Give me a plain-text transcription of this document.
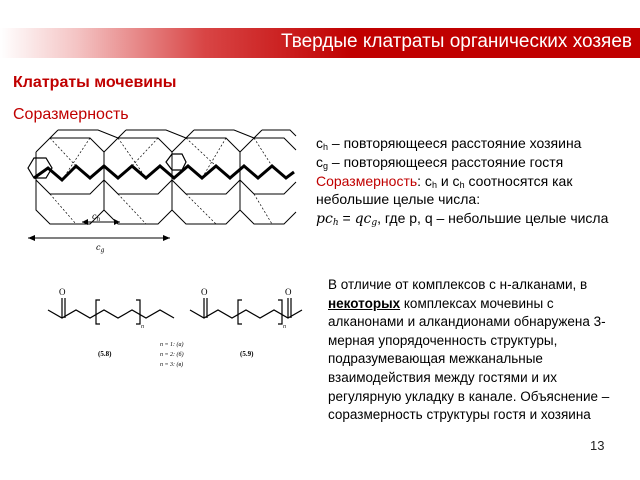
Твердые клатраты органических хозяев
Клатраты мочевины
Соразмерность
$c_h$
$c_g$
$c_h$ – повторяющееся расстояние хозяина
$c_g$ – повторяющееся расстояние гостя
Соразмерность: $c_h$ и $c_h$ соотносятся как небольшие целые числа:
$pc_h = qc_g$, где p, q – небольшие целые числа
O	O	O
n	n
(5.8)	(5.9)
n = 1: (a)
n = 2: (б)
n = 3: (в)
В отличие от комплексов с н-алканами, в некоторых комплексах мочевины с алканонами и алкандионами обнаружена 3-мерная упорядоченность структуры, подразумевающая межканальные взаимодействия между гостями и их регулярную укладку в канале. Объяснение – соразмерность структуры гостя и хозяина
13
